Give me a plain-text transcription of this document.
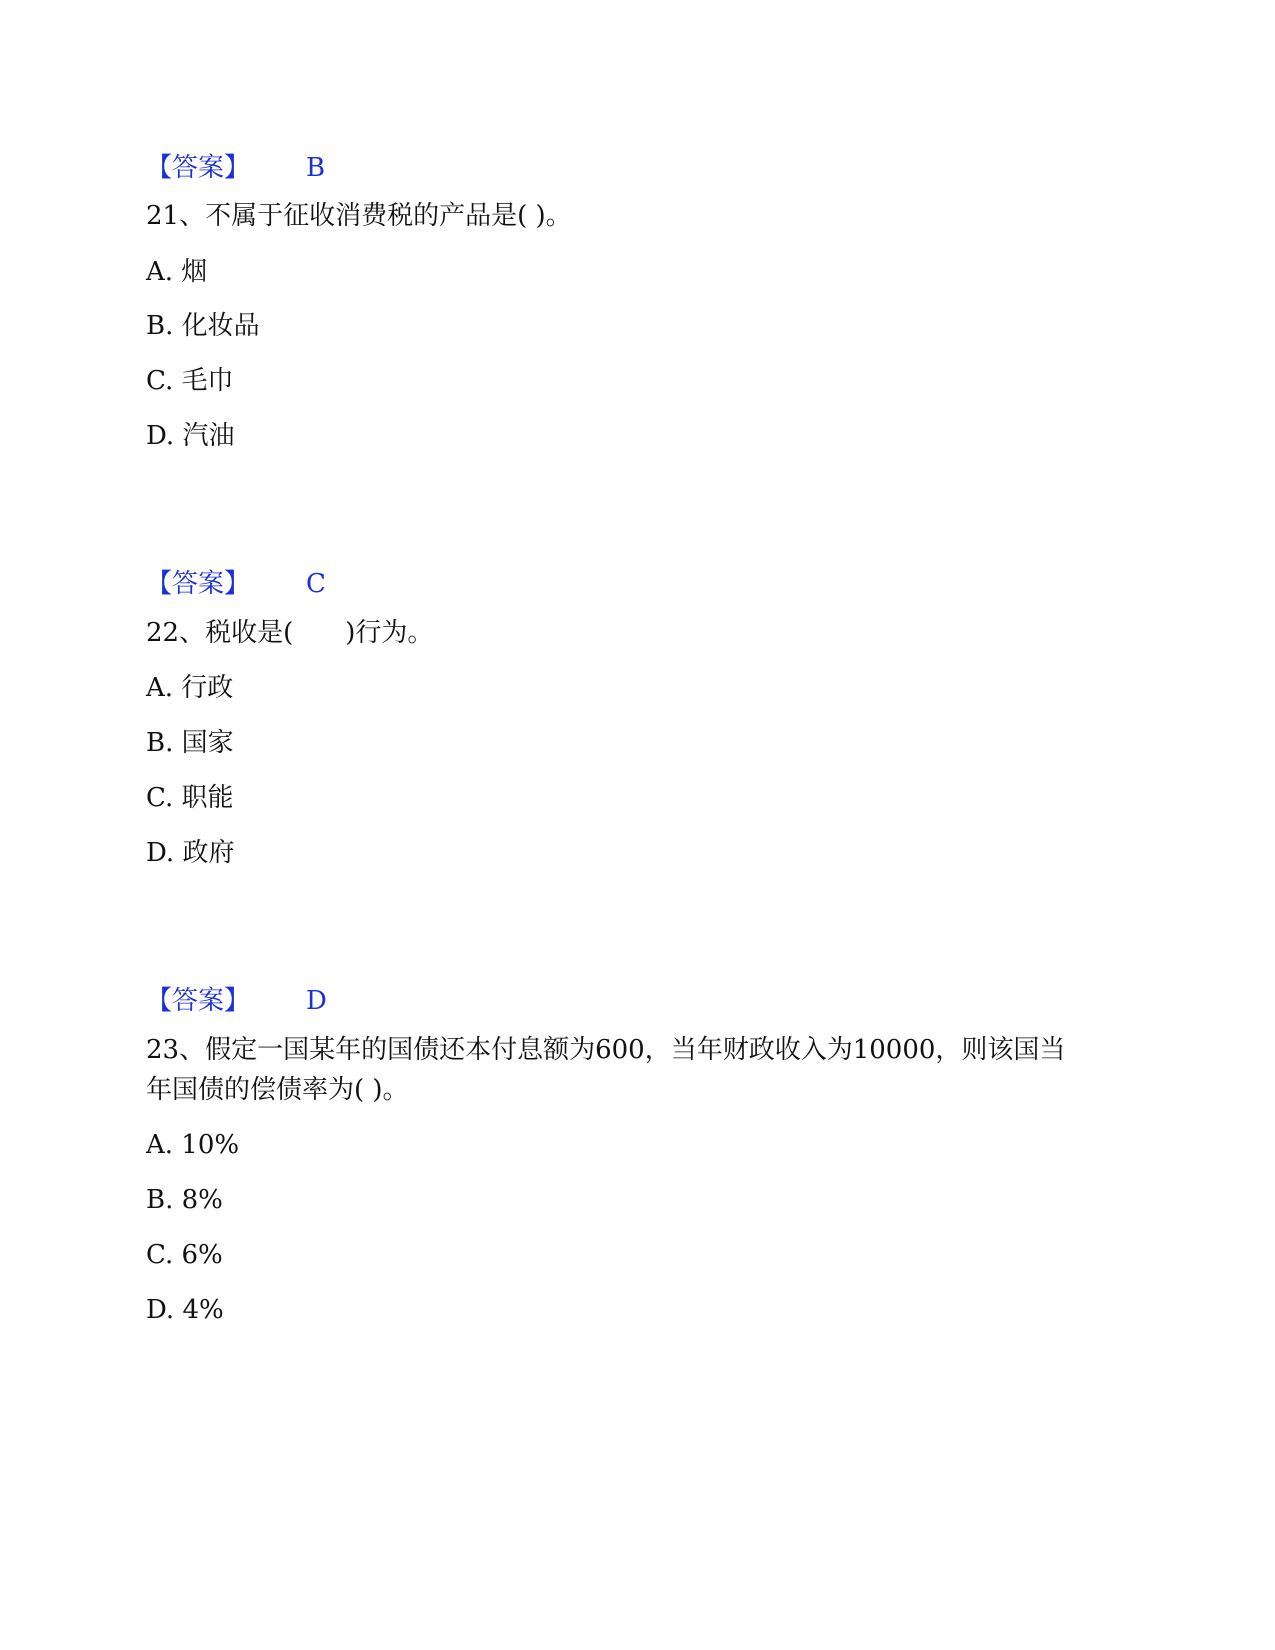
【答案】 B
21、不属于征收消费税的产品是( )。
A. 烟
B. 化妆品
C. 毛巾
D. 汽油
【答案】 C
22、税收是(　　)行为。
A. 行政
B. 国家
C. 职能
D. 政府
【答案】 D
23、假定一国某年的国债还本付息额为600，当年财政收入为10000，则该国当年国债的偿债率为( )。
A. 10%
B. 8%
C. 6%
D. 4%
